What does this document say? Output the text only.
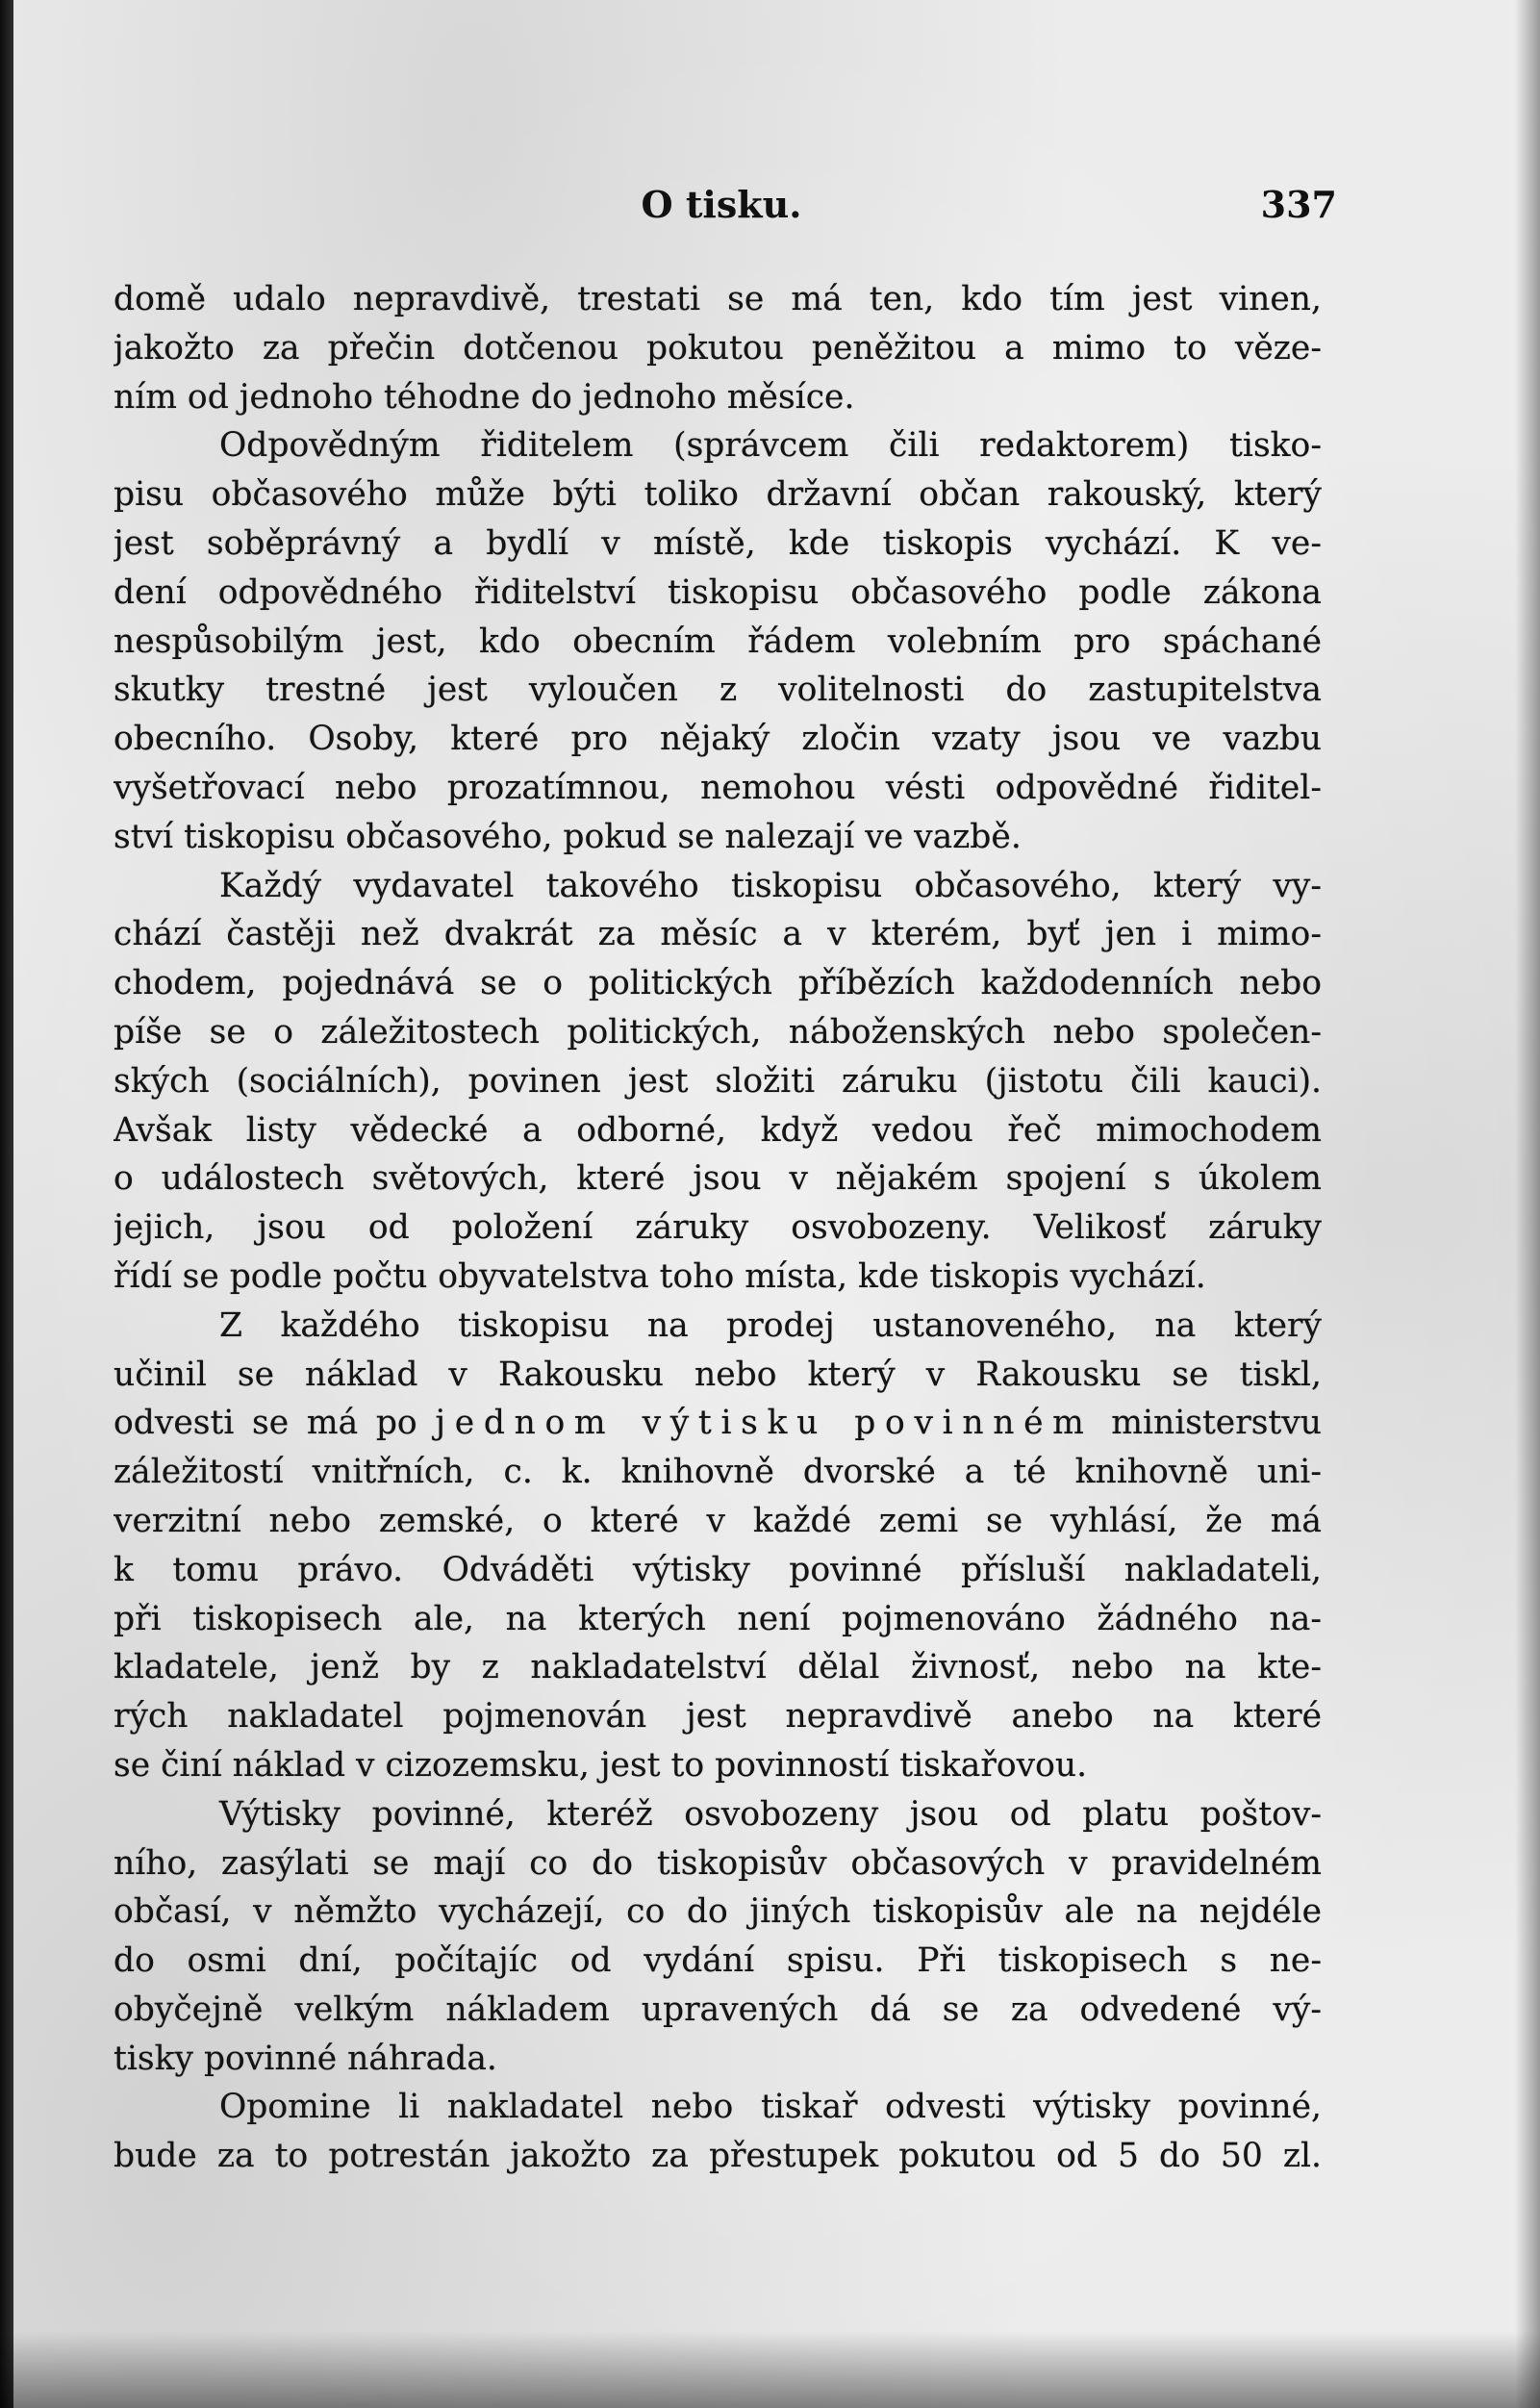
O tisku.	337
domě udalo nepravdivě, trestati se má ten, kdo tím jest vinen,
jakožto za přečin dotčenou pokutou peněžitou a mimo to věze-
ním od jednoho téhodne do jednoho měsíce.
Odpovědným řiditelem (správcem čili redaktorem) tisko-
pisu občasového může býti toliko državní občan rakouský, který
jest soběprávný a bydlí v místě, kde tiskopis vychází. K ve-
dení odpovědného řiditelství tiskopisu občasového podle zákona
nespůsobilým jest, kdo obecním řádem volebním pro spáchané
skutky trestné jest vyloučen z volitelnosti do zastupitelstva
obecního. Osoby, které pro nějaký zločin vzaty jsou ve vazbu
vyšetřovací nebo prozatímnou, nemohou vésti odpovědné řiditel-
ství tiskopisu občasového, pokud se nalezají ve vazbě.
Každý vydavatel takového tiskopisu občasového, který vy-
chází častěji než dvakrát za měsíc a v kterém, byť jen i mimo-
chodem, pojednává se o politických příbězích každodenních nebo
píše se o záležitostech politických, náboženských nebo společen-
ských (sociálních), povinen jest složiti záruku (jistotu čili kauci).
Avšak listy vědecké a odborné, když vedou řeč mimochodem
o událostech světových, které jsou v nějakém spojení s úkolem
jejich, jsou od položení záruky osvobozeny. Velikosť záruky
řídí se podle počtu obyvatelstva toho místa, kde tiskopis vychází.
Z každého tiskopisu na prodej ustanoveného, na který
učinil se náklad v Rakousku nebo který v Rakousku se tiskl,
odvesti se má po jednom výtisku povinném ministerstvu
záležitostí vnitřních, c. k. knihovně dvorské a té knihovně uni-
verzitní nebo zemské, o které v každé zemi se vyhlásí, že má
k tomu právo. Odváděti výtisky povinné přísluší nakladateli,
při tiskopisech ale, na kterých není pojmenováno žádného na-
kladatele, jenž by z nakladatelství dělal živnosť, nebo na kte-
rých nakladatel pojmenován jest nepravdivě anebo na které
se činí náklad v cizozemsku, jest to povinností tiskařovou.
Výtisky povinné, kteréž osvobozeny jsou od platu poštov-
ního, zasýlati se mají co do tiskopisův občasových v pravidelném
občasí, v němžto vycházejí, co do jiných tiskopisův ale na nejdéle
do osmi dní, počítajíc od vydání spisu. Při tiskopisech s ne-
obyčejně velkým nákladem upravených dá se za odvedené vý-
tisky povinné náhrada.
Opomine li nakladatel nebo tiskař odvesti výtisky povinné,
bude za to potrestán jakožto za přestupek pokutou od 5 do 50 zl.
